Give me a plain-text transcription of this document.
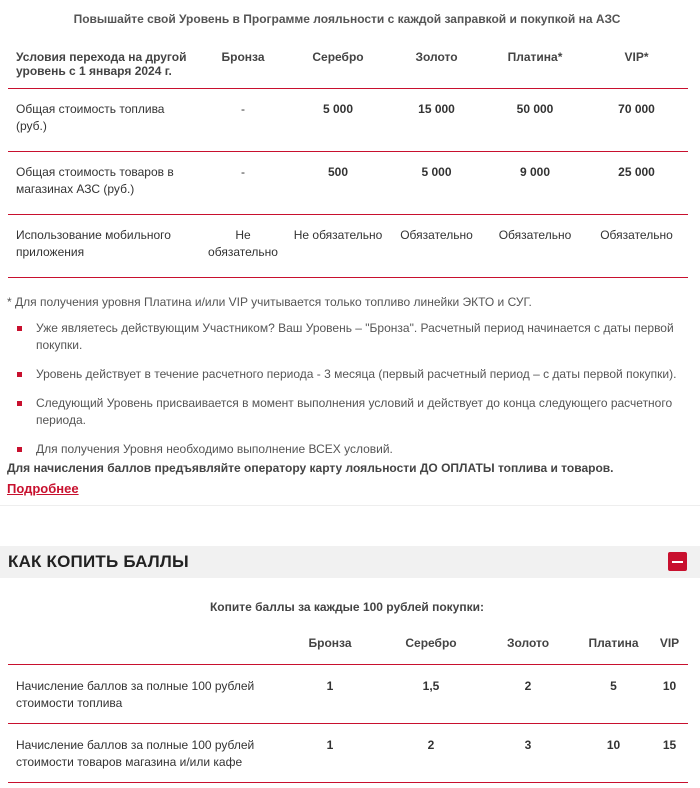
Повышайте свой Уровень в Программе лояльности с каждой заправкой и покупкой на АЗС
Условия перехода на другой уровень с 1 января 2024 г.	Бронза	Серебро	Золото	Платина*	VIP*
Общая стоимость топлива (руб.)	-	5 000	15 000	50 000	70 000
Общая стоимость товаров в магазинах АЗС (руб.)	-	500	5 000	9 000	25 000
Использование мобильного приложения	Не обязательно	Не обязательно	Обязательно	Обязательно	Обязательно
* Для получения уровня Платина и/или VIP учитывается только топливо линейки ЭКТО и СУГ.
Уже являетесь действующим Участником? Ваш Уровень – "Бронза". Расчетный период начинается с даты первой покупки.
Уровень действует в течение расчетного периода - 3 месяца (первый расчетный период – с даты первой покупки).
Следующий Уровень присваивается в момент выполнения условий и действует до конца следующего расчетного периода.
Для получения Уровня необходимо выполнение ВСЕХ условий.
Для начисления баллов предъявляйте оператору карту лояльности ДО ОПЛАТЫ топлива и товаров.
Подробнее
КАК КОПИТЬ БАЛЛЫ
Копите баллы за каждые 100 рублей покупки:
	Бронза	Серебро	Золото	Платина	VIP
Начисление баллов за полные 100 рублей стоимости топлива	1	1,5	2	5	10
Начисление баллов за полные 100 рублей стоимости товаров магазина и/или кафе	1	2	3	10	15
